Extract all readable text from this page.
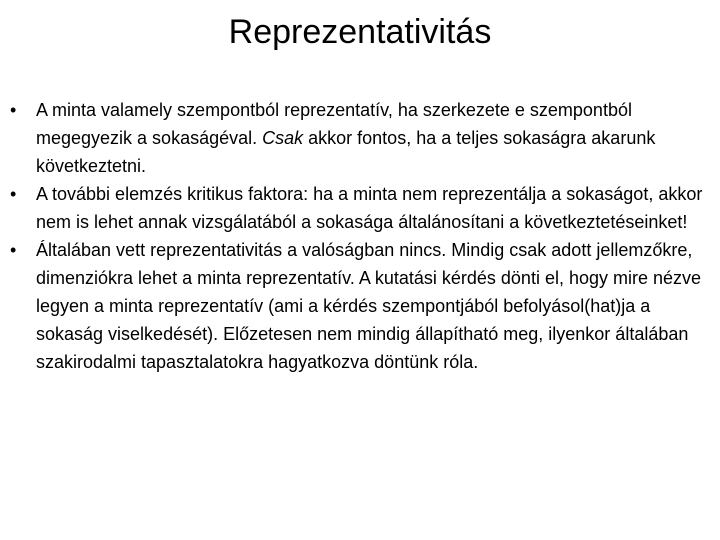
Reprezentativitás
•	A minta valamely szempontból reprezentatív, ha szerkezete e szempontból megegyezik a sokaságéval. Csak akkor fontos, ha a teljes sokaságra akarunk következtetni.
•	A további elemzés kritikus faktora: ha a minta nem reprezentálja a sokaságot, akkor nem is lehet annak vizsgálatából a sokasága általánosítani a következtetéseinket!
•	Általában vett reprezentativitás a valóságban nincs. Mindig csak adott jellemzőkre, dimenziókra lehet a minta reprezentatív. A kutatási kérdés dönti el, hogy mire nézve legyen a minta reprezentatív (ami a kérdés szempontjából befolyásol(hat)ja a sokaság viselkedését). Előzetesen nem mindig állapítható meg, ilyenkor általában szakirodalmi tapasztalatokra hagyatkozva döntünk róla.
